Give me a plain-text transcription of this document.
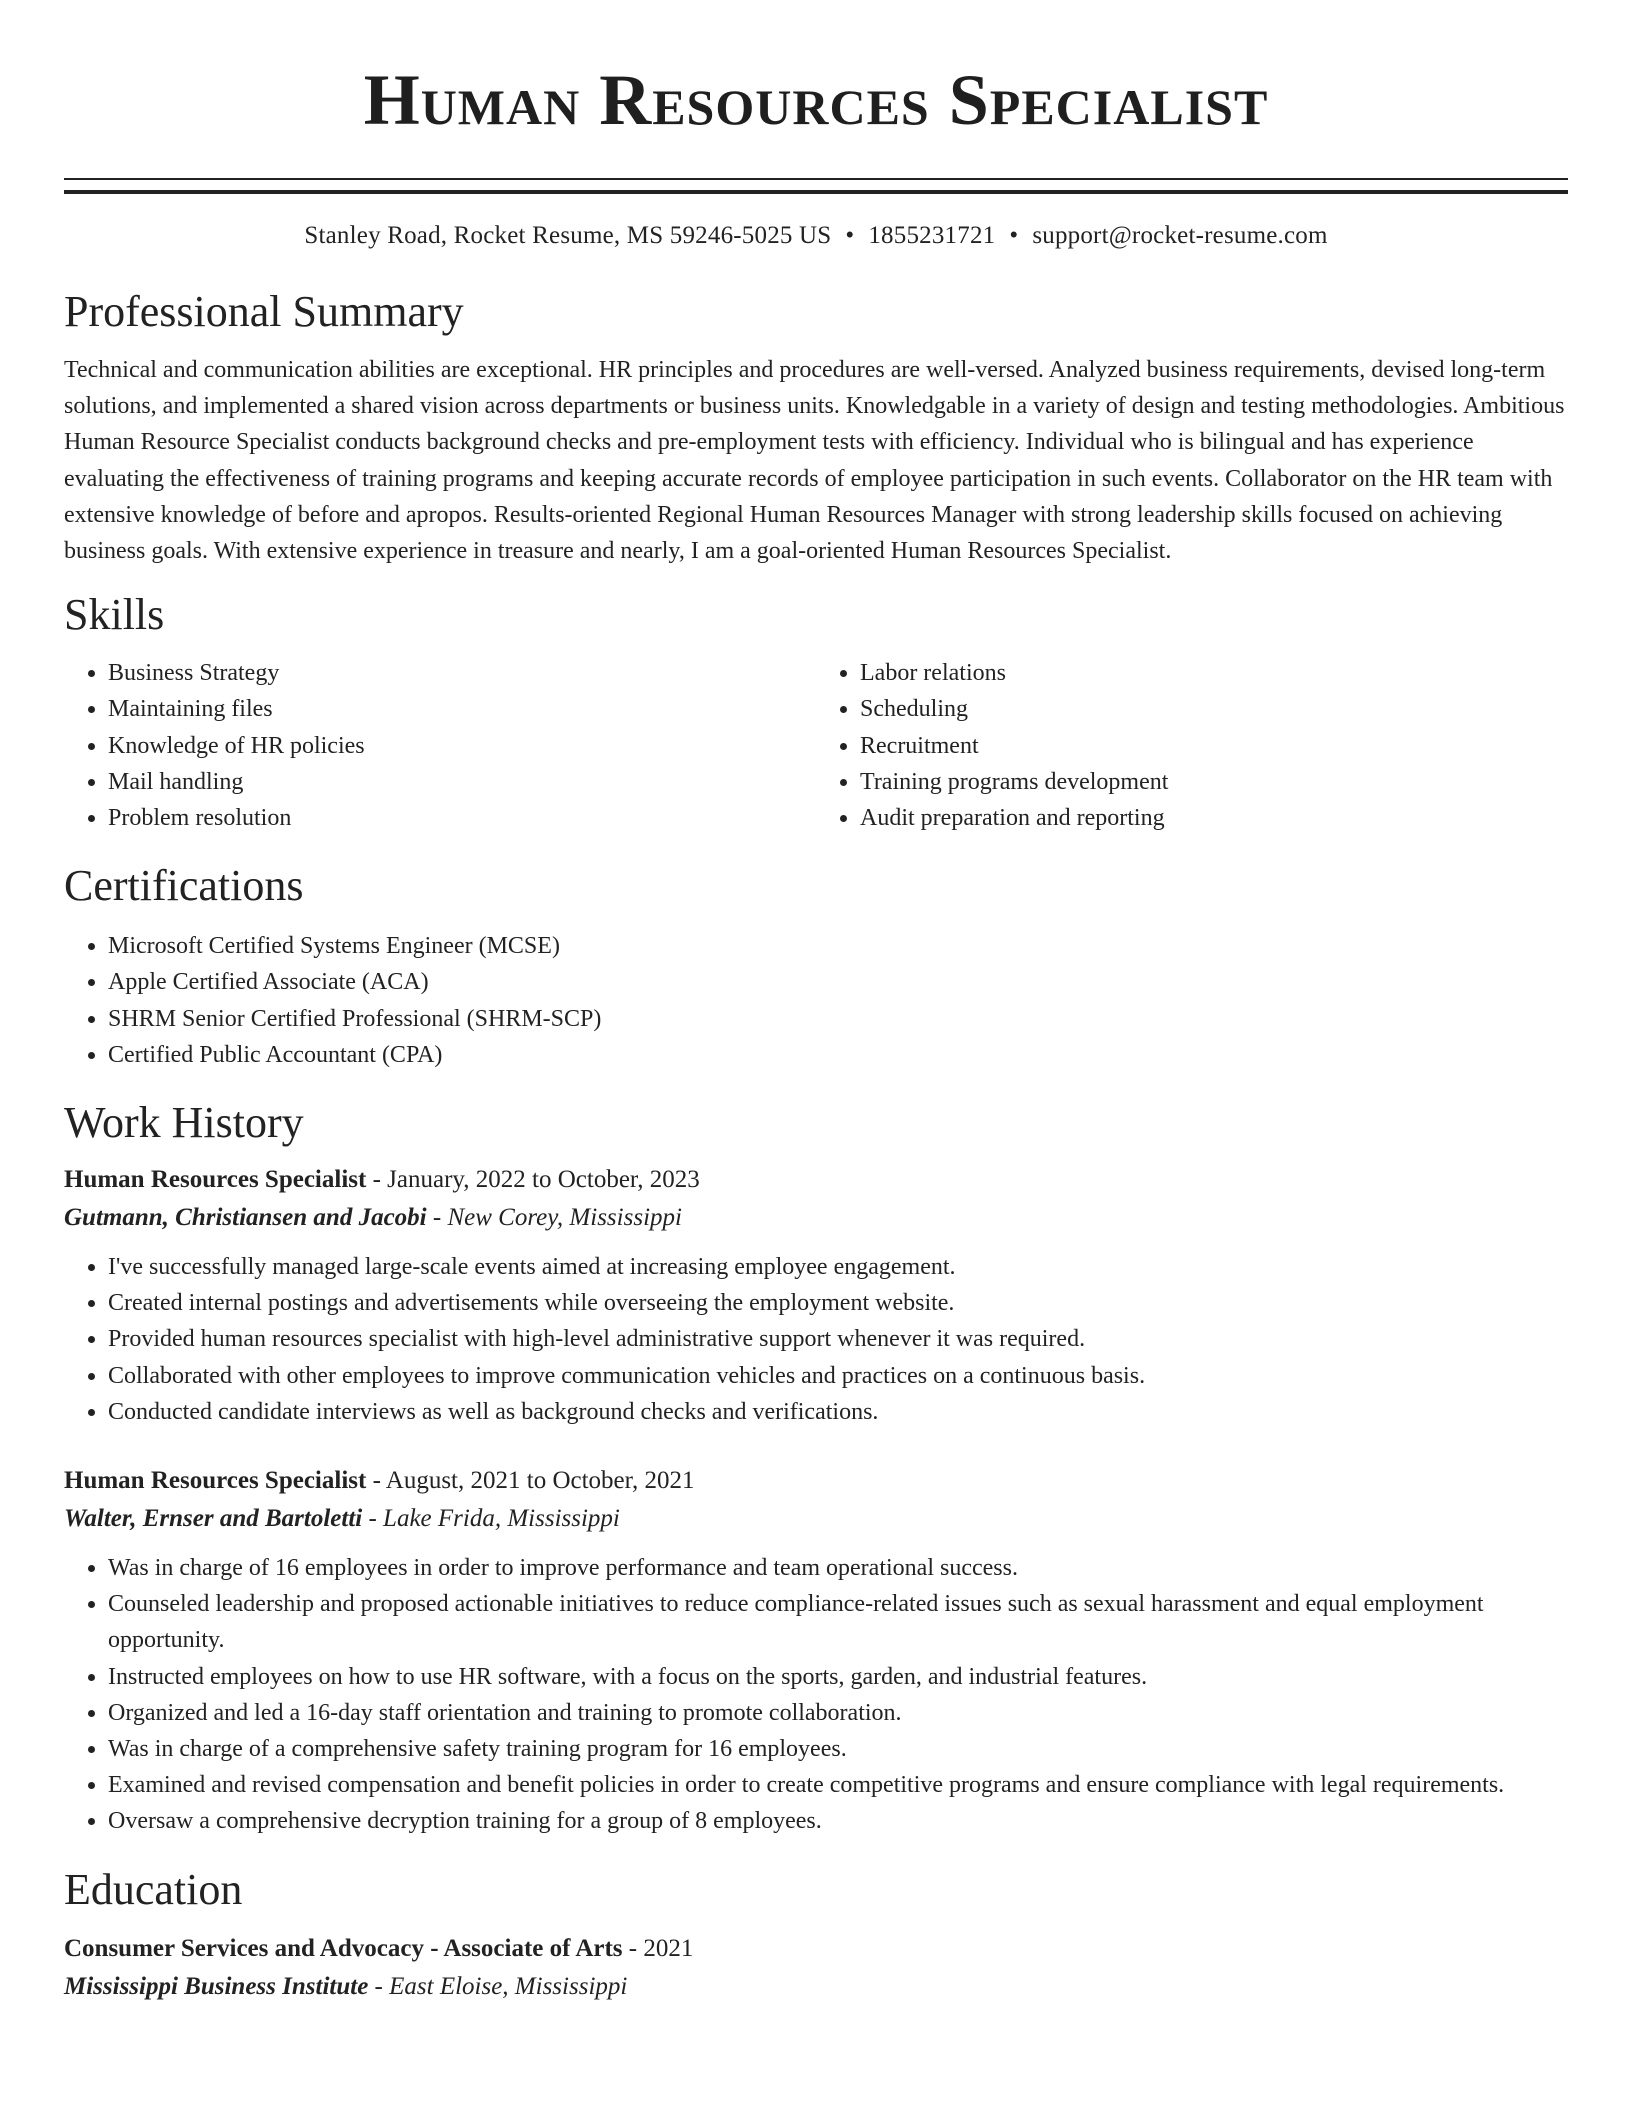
Human Resources Specialist
Stanley Road, Rocket Resume, MS 59246-5025 US • 1855231721 • support@rocket-resume.com
Professional Summary

Technical and communication abilities are exceptional. HR principles and procedures are well-versed. Analyzed business requirements, devised long-term solutions, and implemented a shared vision across departments or business units. Knowledgable in a variety of design and testing methodologies. Ambitious Human Resource Specialist conducts background checks and pre-employment tests with efficiency. Individual who is bilingual and has experience evaluating the effectiveness of training programs and keeping accurate records of employee participation in such events. Collaborator on the HR team with extensive knowledge of before and apropos. Results-oriented Regional Human Resources Manager with strong leadership skills focused on achieving business goals. With extensive experience in treasure and nearly, I am a goal-oriented Human Resources Specialist.

Skills
• Business Strategy
• Maintaining files
• Knowledge of HR policies
• Mail handling
• Problem resolution
• Labor relations
• Scheduling
• Recruitment
• Training programs development
• Audit preparation and reporting
Certifications
• Microsoft Certified Systems Engineer (MCSE)
• Apple Certified Associate (ACA)
• SHRM Senior Certified Professional (SHRM-SCP)
• Certified Public Accountant (CPA)
Work History

Human Resources Specialist - January, 2022 to October, 2023

Gutmann, Christiansen and Jacobi - New Corey, Mississippi

• I've successfully managed large-scale events aimed at increasing employee engagement.
• Created internal postings and advertisements while overseeing the employment website.
• Provided human resources specialist with high-level administrative support whenever it was required.
• Collaborated with other employees to improve communication vehicles and practices on a continuous basis.
• Conducted candidate interviews as well as background checks and verifications.

Human Resources Specialist - August, 2021 to October, 2021

Walter, Ernser and Bartoletti - Lake Frida, Mississippi

• Was in charge of 16 employees in order to improve performance and team operational success.
• Counseled leadership and proposed actionable initiatives to reduce compliance-related issues such as sexual harassment and equal employment opportunity.
• Instructed employees on how to use HR software, with a focus on the sports, garden, and industrial features.
• Organized and led a 16-day staff orientation and training to promote collaboration.
• Was in charge of a comprehensive safety training program for 16 employees.
• Examined and revised compensation and benefit policies in order to create competitive programs and ensure compliance with legal requirements.
• Oversaw a comprehensive decryption training for a group of 8 employees.
Education

Consumer Services and Advocacy - Associate of Arts - 2021

Mississippi Business Institute - East Eloise, Mississippi
